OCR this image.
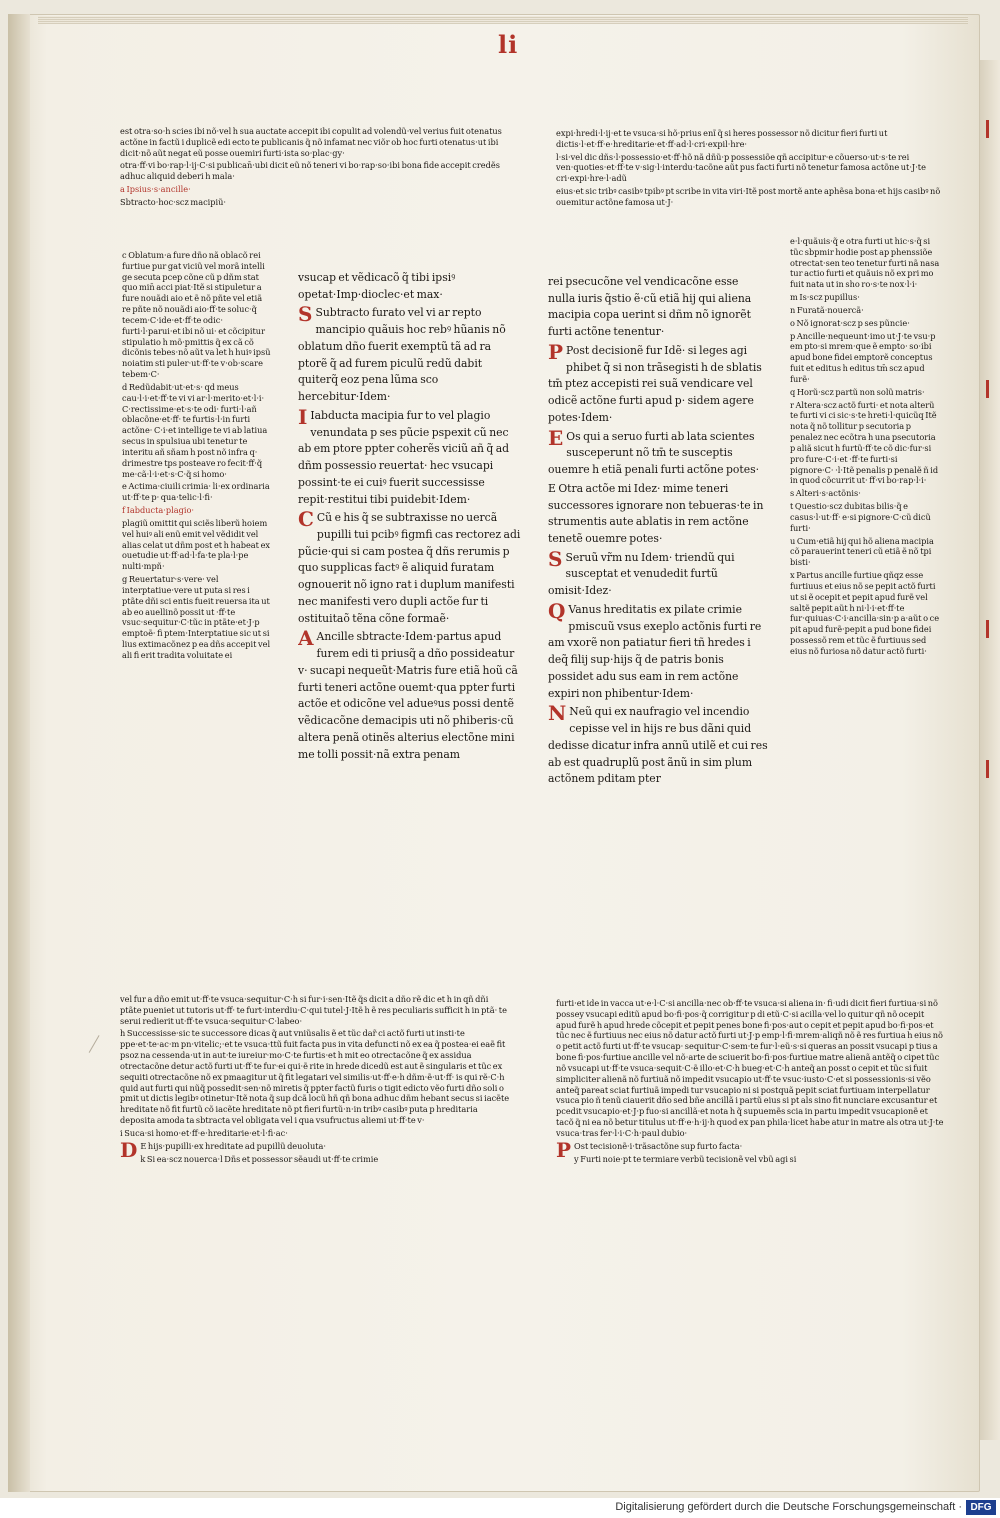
li

est otra·so·h scies ibi nõ·vel h sua auctate accepit ibi copulit ad volendũ·vel verius fuit otenatus actõne in factũ i duplicẽ edi ecto te publicanis q̃ nõ infamat nec viõr ob hoc furti otenatus·ut ibi dicit·nõ aũt negat eũ posse ouemiri furti·ista so·plac·gy·

otra·ff·vi bo·rap·l·ij·C·si publican̄·ubi dicit eũ nõ teneri vi bo·rap·so·ibi bona fide accepit credẽs adhuc aliquid deberi h mala·

a Ipsius·s·ancille·

Sbtracto·hoc·scz macipiũ·

c Oblatum·a fure dño nã oblacõ rei furtiue pur gat viciũ vel morã intelli ge secuta pcep cõne cũ p dñm stat quo min̄ acci piat·Itẽ si stipuletur a fure nouãdi aio et ẽ nõ pñte vel etiã re pñte nõ nouãdi aio·ff·te soluc·q̃ tecem·C·ide·et·ff·te odic· furti·l·parui·et ibi nõ ui· et cõcipitur stipulatio h mõ·pmittis q̃ ex cã cõ dicõnis tebes·nõ aũt va let h huiꝰ ipsũ noiatim sti puler·ut·ff·te v·ob·scare tebem·C·

d Redũdabit·ut·et·s· qd meus cau·l·i·et·ff·te vi vi ar·l·merito·et·l·i· C·rectissime·et·s·te odi· furti·l·añ oblacõne·et·ff· te furtis·l·in furti actõne· C·i·et intellige te vi ab latiua secus in spulsiua ubi tenetur te interitu añ sñam h post nõ infra q· drimestre tps posteave ro fecit·ff·q̃ me·cã·l·i·et·s·C·q̃ si homo·

e Actima·ciuili crimia· li·ex ordinaria ut·ff·te p· qua·telic·l·fi·

f Iabducta·plagio·

plagiũ omittit qui sciẽs liberũ hoiem vel huiꝰ ali enũ emit vel vẽdidit vel alias celat ut dñm post et h habeat ex ouetudie ut·ff·ad·l·fa·te pla·l·pe nulti·mpñ·

g Reuertatur·s·vere· vel interptatiue·vere ut puta si res i ptãte dñi sci entis fueit reuersa ita ut ab eo auellinõ possit ut ·ff·te vsuc·sequitur·C·tũc in ptãte·et·J·p emptoẽ· fi ptem·Interptatiue sic ut si lius extimacõnez p ea dñs accepit vel ali fi erit tradita voluitate ei

vsucap et vẽdicacõ q̃ tibi ipsiꝰ opetat·Imp·dioclec·et max·

S Subtracto furato vel vi ar repto mancipio quãuis hoc rebꝰ hũanis nõ oblatum dño fuerit exemptũ tã ad ra ptorẽ q̃ ad furem piculũ redũ dabit quiterq̃ eoz pena lũma sco hercebitur·Idem·

I Iabducta macipia fur to vel plagio venundata p ses pũcie pspexit cũ nec ab em ptore ppter coherẽs viciũ añ q̃ ad dñm possessio reuertat· hec vsucapi possint·te ei cuiꝰ fuerit successisse repit·restitui tibi puidebit·Idem·

C Cũ e his q̃ se subtraxisse no uercã pupilli tui pcibꝰ figmfi cas rectorez adi pũcie·qui si cam postea q̃ dñs rerumis p quo supplicas factꝰ ẽ aliquid furatam ognouerit nõ igno rat i duplum manifesti nec manifesti vero dupli actõe fur ti ostituitaõ tẽna cõne formaẽ·

A Ancille sbtracte·Idem·partus apud furem edi ti priusq̃ a dño possideatur v· sucapi nequeũt·Matris fure etiã hoũ cã furti teneri actõne ouemt·qua ppter furti actõe et odicõne vel adueꝰus possi dentẽ vẽdicacõne demacipis uti nõ phiberis·cũ altera penã otinẽs alterius electõne mini me tolli possit·nã extra penam

rei psecucõne vel vendicacõne esse nulla iuris q̃stio ẽ·cũ etiã hij qui aliena macipia copa uerint si dñm nõ ignorẽt furti actõne tenentur·

P Post decisionẽ fur Idẽ· si leges agi phibet q̃ si non trãsegisti h de sblatis tm̄ ptez accepisti rei suã vendicare vel odicẽ actõne furti apud p· sidem agere potes·Idem·

E Os qui a seruo furti ab lata scientes susceperunt nõ tm̄ te susceptis ouemre h etiã penali furti actõne potes·

E Otra actõe mi Idez· mime teneri successores ignorare non tebueras·te in strumentis aute ablatis in rem actõne tenetẽ ouemre potes·

S Seruũ vr̃m nu Idem· triendũ qui susceptat et venudedit furtũ omisit·Idez·

Q Vanus hreditatis ex pilate crimie pmiscuũ vsus exeplo actõnis furti re am vxorẽ non patiatur fieri tñ hredes i deq̃ filij sup·hijs q̃ de patris bonis possidet adu sus eam in rem actõne expiri non phibentur·Idem·

N Neũ qui ex naufragio vel incendio cepisse vel in hijs re bus dãni quid dedisse dicatur infra annũ utilẽ et cui res ab est quadruplũ post ãnũ in sim plum actõnem pditam pter

expi·hredi·l·ij·et te vsuca·si hõ·prius enĩ q̃ si heres possessor nõ dicitur fieri furti ut dictis·l·et·ff·e·hreditarie·et·ff·ad·l·cri·expil·hre·

l·si·vel dic dñs·l·possessio·et·ff·hõ nã dñũ·p possessiõe qñ accipitur·e cõuerso·ut·s·te rei ven·quoties·et·ff·te v·sig·l·interdu·tacõne aũt pus facti furti nõ tenetur famosa actõne ut·J·te cri·expi·hre·l·adũ

eius·et sic tribꝰ casibꝰ tpibꝰ pt scribe in vita viri·Itẽ post mortẽ ante aphẽsa bona·et hijs casibꝰ nõ ouemitur actõne famosa ut·J·

e·l·quãuis·q̃ e otra furti ut hic·s·q̃ si tũc sbpmir hodie post ap phenssiõe otrectat·sen teo tenetur furti nã nasa tur actio furti et quãuis nõ ex pri mo fuit nata ut in sho ro·s·te nox·l·i·

m Is·scz pupillus·

n Furatã·nouercã·

o Nõ ignorat·scz p ses pũncie·

p Ancille·nequeunt·imo ut·J·te vsu·p em pto·si mrem·que ẽ empto· so·ibi apud bone fidei emptorẽ conceptus fuit et editus h editus tm̄ scz apud furẽ·

q Horũ·scz partũ non solũ matris·

r Altera·scz actõ furti· et nota alterũ te furti vi ci sic·s·te hreti·l·quicũq Itẽ nota q̃ nõ tollitur p secutoria p penalez nec ecõtra h una psecutoria p aliã sicut h furtũ·ff·te cõ dic·fur·si pro fure·C·i·et ·ff·te furti·si pignore·C· ·l·Itẽ penalis p penalẽ ñ id in quod cõcurrit ut· ff·vi bo·rap·l·i·

s Alteri·s·actõnis·

t Questio·scz dubitas bilis·q̃ e casus·l·ut·ff· e·si pignore·C·cũ dicũ furti·

u Cum·etiã hij qui hõ aliena macipia cõ parauerint teneri cũ etiã ẽ nõ tpi bisti·

x Partus ancille furtiue qñqz esse furtiuus et eius nõ se pepit actõ furti ut si ẽ ocepit et pepit apud furẽ vel saltẽ pepit aũt h ni·l·i·et·ff·te fur·quiuas·C·i·ancilla·sin·p a·aũt o ce pit apud furẽ·pepit a pud bone fidei possessõ rem et tũc ẽ furtiuus sed eius nõ furiosa nõ datur actõ furti·

vel fur a dño emit ut·ff·te vsuca·sequitur·C·h si fur·i·sen·Itẽ q̃s dicit a dño rẽ dic et h in qñ dñi ptãte pueniet ut tutoris ut·ff· te furt·interdiu·C·qui tutel·J·Itẽ h ẽ res peculiaris sufficit h in ptã· te serui redierit ut·ff·te vsuca·sequitur·C·labeo·

h Successisse·sic te successore dicas q̃ aut vniũsalis ẽ et tũc dar̃ ci actõ furti ut insti·te ppe·et·te·ac·m pn·vitelic;·et te vsuca·ttũ fuit facta pus in vita defuncti nõ ex ea q̃ postea·ei eaẽ fit psoz na cessenda·ut in aut·te iureiur·mo·C·te furtis·et h mit eo otrectacõne q̃ ex assidua otrectacõne detur actõ furti ut·ff·te fur·ei qui·ẽ rite in hrede dicedũ est aut ẽ singularis et tũc ex sequiti otrectacõne nõ ex pmaagitur ut q̃ fit legatari vel similis·ut·ff·e·h dñm·ẽ·ut·ff· is qui rẽ·C·h quid aut furti qui nũq̃ possedit·sen·nõ miretis q̃ ppter factũ furis o tigit edicto vẽo furti dño soli o pmit ut dictis legibꝰ otinetur·Itẽ nota q̃ sup dcã locũ hñ qñ bona adhuc dñm hebant secus si iacẽte hreditate nõ fit furtũ cõ iacẽte hreditate nõ pt fieri furtũ·n·in tribꝰ casibꝰ puta p hreditaria deposita amoda ta sbtracta vel obligata vel i qua vsufructus aliemi ut·ff·te v·

i Suca·si homo·et·ff·e·hreditarie·et·l·fi·ac·

D E hijs·pupilli·ex hreditate ad pupillũ deuoluta·

k Si ea·scz nouerca·l Dñs et possessor sẽaudi ut·ff·te crimie

furti·et ide in vacca ut·e·l·C·si ancilla·nec ob·ff·te vsuca·si aliena in· fi·udi dicit fieri furtiua·si nõ possey vsucapi editũ apud bo·fi·pos·q̃ corrigitur p di etũ·C·si acilla·vel lo quitur qñ nõ ocepit apud furẽ h apud hrede cõcepit et pepit penes bone fi·pos·aut o cepit et pepit apud bo·fi·pos·et tũc nec ẽ furtiuus nec eius nõ datur actõ furti ut·J·p emp·l·fi·mrem·aliqñ nõ ẽ res furtiua h eius nõ o petit actõ furti ut·ff·te vsucap· sequitur·C·sem·te fur·l·eũ·s·si queras an possit vsucapi p tius a bone fi·pos·furtiue ancille vel nõ·arte de sciuerit bo·fi·pos·furtiue matre alienã antẽq̃ o cipet tũc nõ vsucapi ut·ff·te vsuca·sequit·C·ẽ illo·et·C·h bueg·et·C·h anteq̃ an posst o cepit et tũc si fuit simpliciter alienã nõ furtiuã nõ impedit vsucapio ut·ff·te vsuc·iusto·C·et si possessionis·si vẽo anteq̃ pareat sciat furtiuã impedi tur vsucapio ni si postquã pepit sciat furtiuam interpellatur vsuca pio ñ tenũ ciauerit dño sed bñe ancillã i partũ eius si pt als sino fit nunciare excusantur et pcedit vsucapio·et·J·p fuo·si ancillã·et nota h q̃ supuemẽs scia in partu impedit vsucapionẽ et tacõ q̃ ni ea nõ betur titulus ut·ff·e·h·ij·h quod ex pan phila·licet habe atur in matre als otra ut·J·te vsuca·tras fer·l·i·C·h·paul dubio·

P Ost tecisionẽ·i·trãsactõne sup furto facta·

y Furti noie·pt te termiare verbũ tecisionẽ vel vbũ agi si

Digitalisierung gefördert durch die Deutsche Forschungsgemeinschaft · DFG
